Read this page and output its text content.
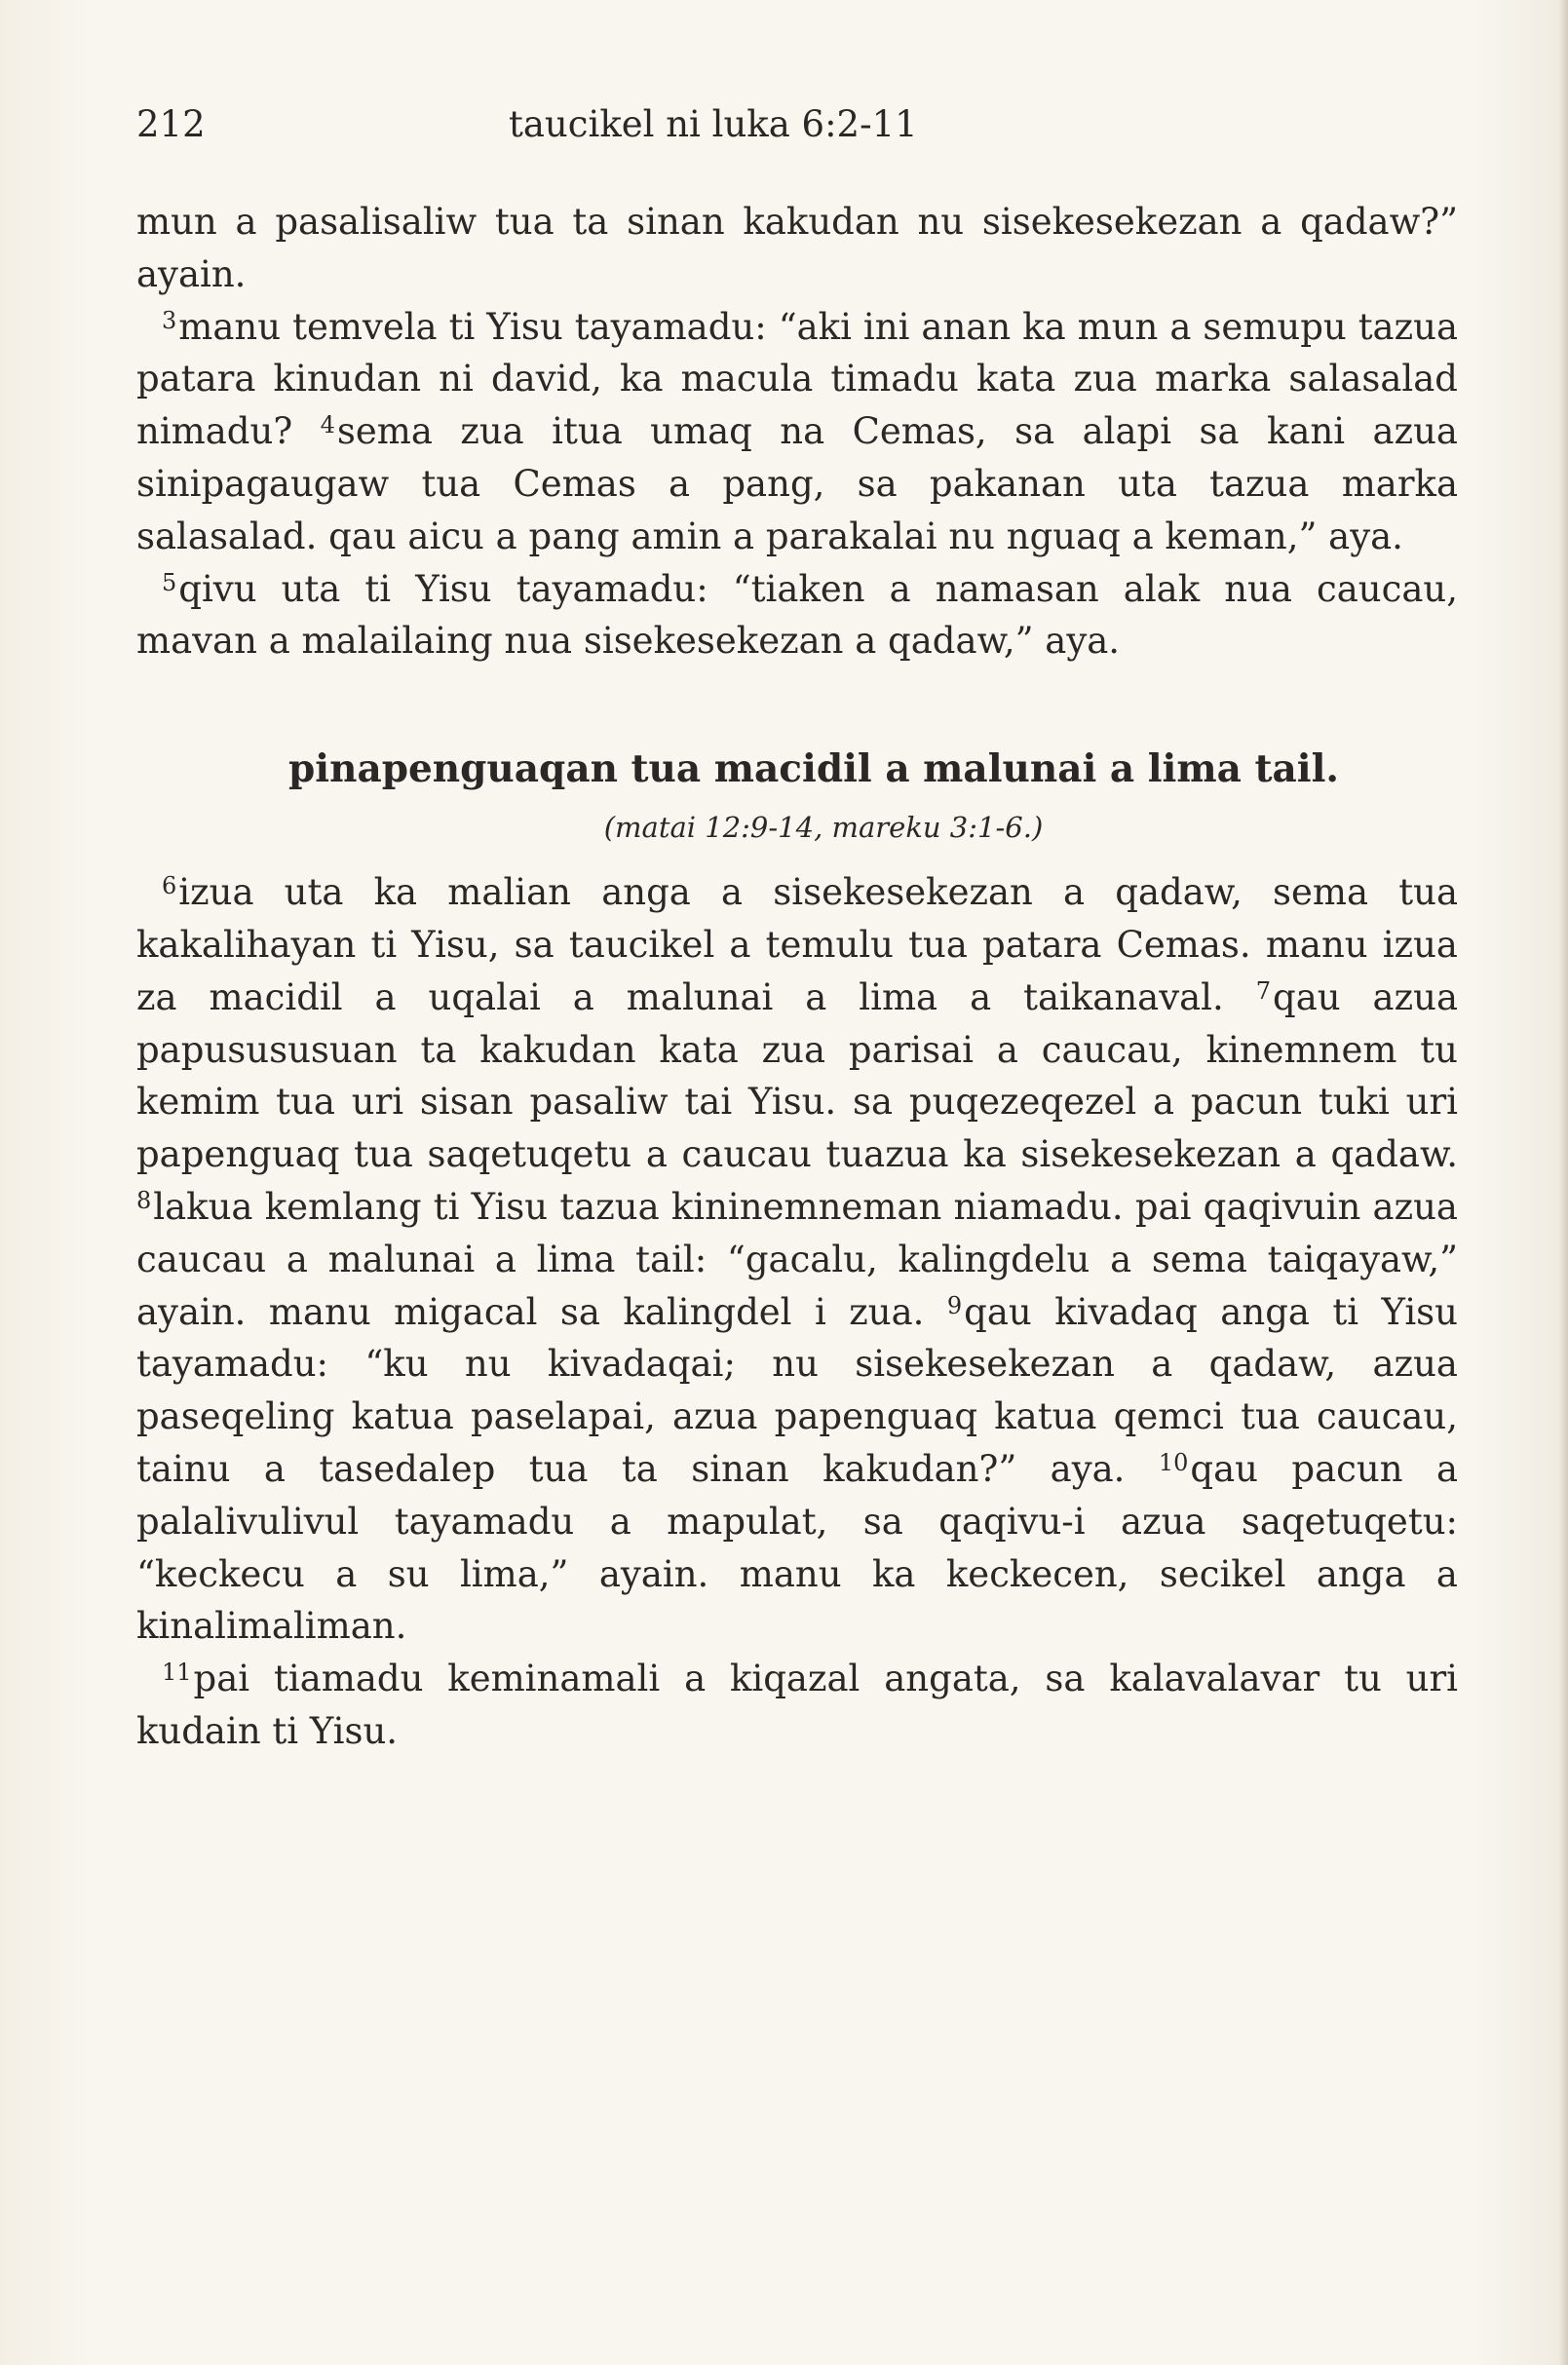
212	taucikel ni luka 6:2-11

mun a pasalisaliw tua ta sinan kakudan nu sisekesekezan a qadaw?” ayain.

$^3$manu temvela ti Yisu tayamadu: “aki ini anan ka mun a semupu tazua patara kinudan ni david, ka macula timadu kata zua marka salasalad nimadu? $^4$sema zua itua umaq na Cemas, sa alapi sa kani azua sinipagaugaw tua Cemas a pang, sa pakanan uta tazua marka salasalad. qau aicu a pang amin a parakalai nu nguaq a keman,” aya.

$^5$qivu uta ti Yisu tayamadu: “tiaken a namasan alak nua caucau, mavan a malailaing nua sisekesekezan a qadaw,” aya.

pinapenguaqan tua macidil a malunai a lima tail.

(matai 12:9-14, mareku 3:1-6.)

$^6$izua uta ka malian anga a sisekesekezan a qadaw, sema tua kakalihayan ti Yisu, sa taucikel a temulu tua patara Cemas. manu izua za macidil a uqalai a malunai a lima a taikanaval. $^7$qau azua papusususuan ta kakudan kata zua parisai a caucau, kinemnem tu kemim tua uri sisan pasaliw tai Yisu. sa puqezeqezel a pacun tuki uri papenguaq tua saqetuqetu a caucau tuazua ka sisekesekezan a qadaw. $^8$lakua kemlang ti Yisu tazua kininemneman niamadu. pai qaqivuin azua caucau a malunai a lima tail: “gacalu, kalingdelu a sema taiqayaw,” ayain. manu migacal sa kalingdel i zua. $^9$qau kivadaq anga ti Yisu tayamadu: “ku nu kivadaqai; nu sisekesekezan a qadaw, azua paseqeling katua paselapai, azua papenguaq katua qemci tua caucau, tainu a tasedalep tua ta sinan kakudan?” aya. $^{10}$qau pacun a palalivulivul tayamadu a mapulat, sa qaqivu-i azua saqetuqetu: “keckecu a su lima,” ayain. manu ka keckecen, secikel anga a kinalimaliman.

$^{11}$pai tiamadu keminamali a kiqazal angata, sa kalavalavar tu uri kudain ti Yisu.
